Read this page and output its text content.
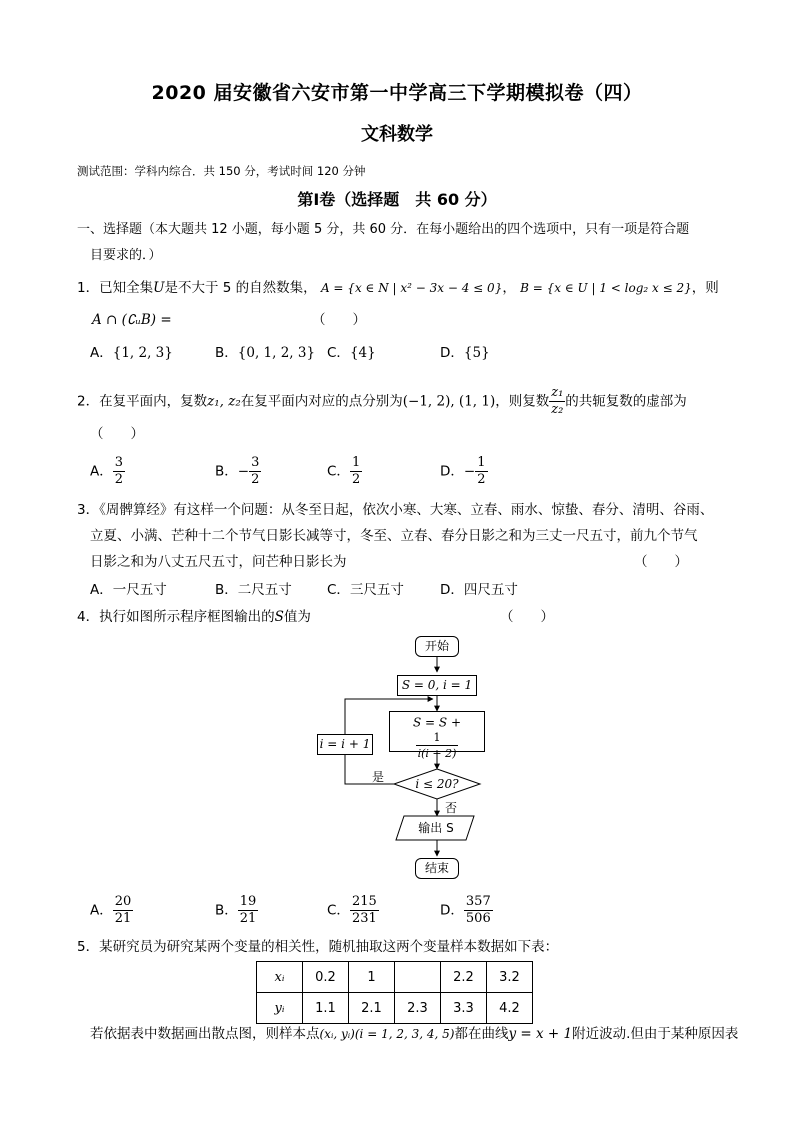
2020 届安徽省六安市第一中学高三下学期模拟卷（四）
文科数学
测试范围：学科内综合．共 150 分，考试时间 120 分钟
第Ⅰ卷（选择题　共 60 分）
一、选择题（本大题共 12 小题，每小题 5 分，共 60 分．在每小题给出的四个选项中，只有一项是符合题
目要求的．）
1．已知全集U是不大于 5 的自然数集， A = {x ∈ N | x² − 3x − 4 ≤ 0}， B = {x ∈ U | 1 < log₂ x ≤ 2}，则
A ∩ (∁ᵤB) =	（　　）
A．{1, 2, 3}	B．{0, 1, 2, 3} C．{4}	D．{5}
2．在复平面内，复数z₁, z₂在复平面内对应的点分别为(−1, 2), (1, 1)，则复数 $\frac{\text{z₁}}{\text{z₂}}$ 的共轭复数的虚部为
（　　）
A． $\frac{3}{2}$	B．− $\frac{3}{2}$	C． $\frac{1}{2}$	D．− $\frac{1}{2}$
3．《周髀算经》有这样一个问题：从冬至日起，依次小寒、大寒、立春、雨水、惊蛰、春分、清明、谷雨、
立夏、小满、芒种十二个节气日影长减等寸，冬至、立春、春分日影之和为三丈一尺五寸，前九个节气
日影之和为八丈五尺五寸，问芒种日影长为	（　　）
A．一尺五寸	B．二尺五寸	C．三尺五寸	D．四尺五寸
4．执行如图所示程序框图输出的S值为	（　　）
开始
S = 0, i = 1
S = S +
$\frac{1}{i(i + 2)}$
i = i + 1
i ≤ 20?
是
否
输出 S
结束
A． $\frac{20}{21}$	B． $\frac{19}{21}$	C． $\frac{215}{231}$	D． $\frac{357}{506}$
5．某研究员为研究某两个变量的相关性，随机抽取这两个变量样本数据如下表：
xᵢ	0.2	1		2.2	3.2
yᵢ	1.1	2.1	2.3	3.3	4.2
若依据表中数据画出散点图，则样本点(xᵢ, yᵢ)(i = 1, 2, 3, 4, 5)都在曲线y = x + 1附近波动.但由于某种原因表
